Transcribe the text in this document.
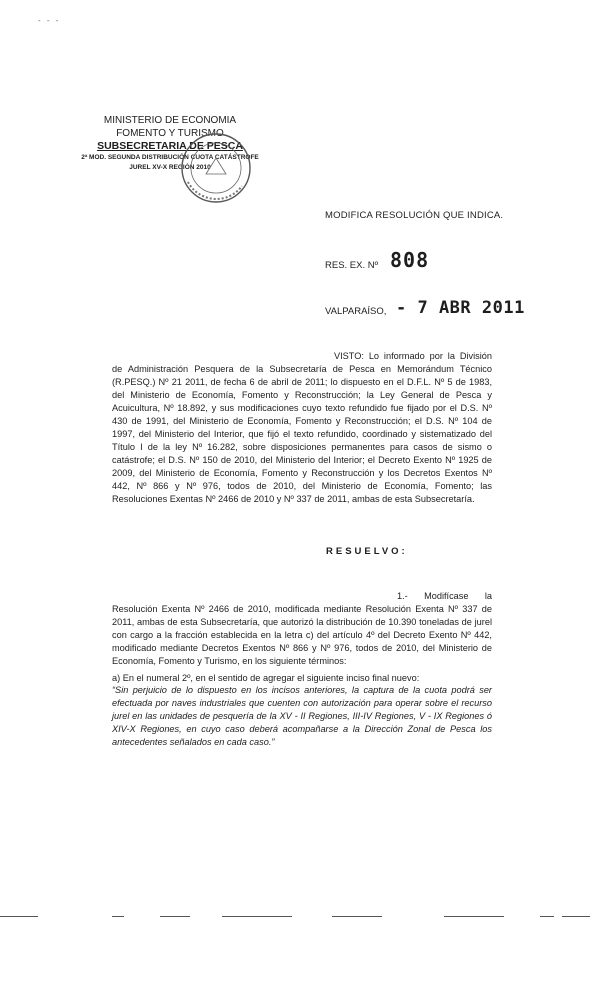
- - -
MINISTERIO DE ECONOMIA
FOMENTO Y TURISMO
SUBSECRETARIA DE PESCA
2ª MOD. SEGUNDA DISTRIBUCIÓN CUOTA CATÁSTROFE
JUREL XV-X REGIÓN 2010
MODIFICA RESOLUCIÓN QUE INDICA.
RES. EX. Nº 808
VALPARAÍSO, - 7 ABR 2011
VISTO: Lo informado por la División de Administración Pesquera de la Subsecretaría de Pesca en Memorándum Técnico (R.PESQ.) Nº 21 2011, de fecha 6 de abril de 2011; lo dispuesto en el D.F.L. Nº 5 de 1983, del Ministerio de Economía, Fomento y Reconstrucción; la Ley General de Pesca y Acuicultura, Nº 18.892, y sus modificaciones cuyo texto refundido fue fijado por el D.S. Nº 430 de 1991, del Ministerio de Economía, Fomento y Reconstrucción; el D.S. Nº 104 de 1997, del Ministerio del Interior, que fijó el texto refundido, coordinado y sistematizado del Título I de la ley Nº 16.282, sobre disposiciones permanentes para casos de sismo o catástrofe; el D.S. Nº 150 de 2010, del Ministerio del Interior; el Decreto Exento Nº 1925 de 2009, del Ministerio de Economía, Fomento y Reconstrucción y los Decretos Exentos Nº 442, Nº 866 y Nº 976, todos de 2010, del Ministerio de Economía, Fomento; las Resoluciones Exentas Nº 2466 de 2010 y Nº 337 de 2011, ambas de esta Subsecretaría.
RESUELVO:
1.- Modifícase la Resolución Exenta Nº 2466 de 2010, modificada mediante Resolución Exenta Nº 337 de 2011, ambas de esta Subsecretaría, que autorizó la distribución de 10.390 toneladas de jurel con cargo a la fracción establecida en la letra c) del artículo 4º del Decreto Exento Nº 442, modificado mediante Decretos Exentos Nº 866 y Nº 976, todos de 2010, del Ministerio de Economía, Fomento y Turismo, en los siguiente términos:
a) En el numeral 2º, en el sentido de agregar el siguiente inciso final nuevo:
“Sin perjuicio de lo dispuesto en los incisos anteriores, la captura de la cuota podrá ser efectuada por naves industriales que cuenten con autorización para operar sobre el recurso jurel en las unidades de pesquería de la XV - II Regiones, III-IV Regiones, V - IX Regiones ó XIV-X Regiones, en cuyo caso deberá acompañarse a la Dirección Zonal de Pesca los antecedentes señalados en cada caso.”
